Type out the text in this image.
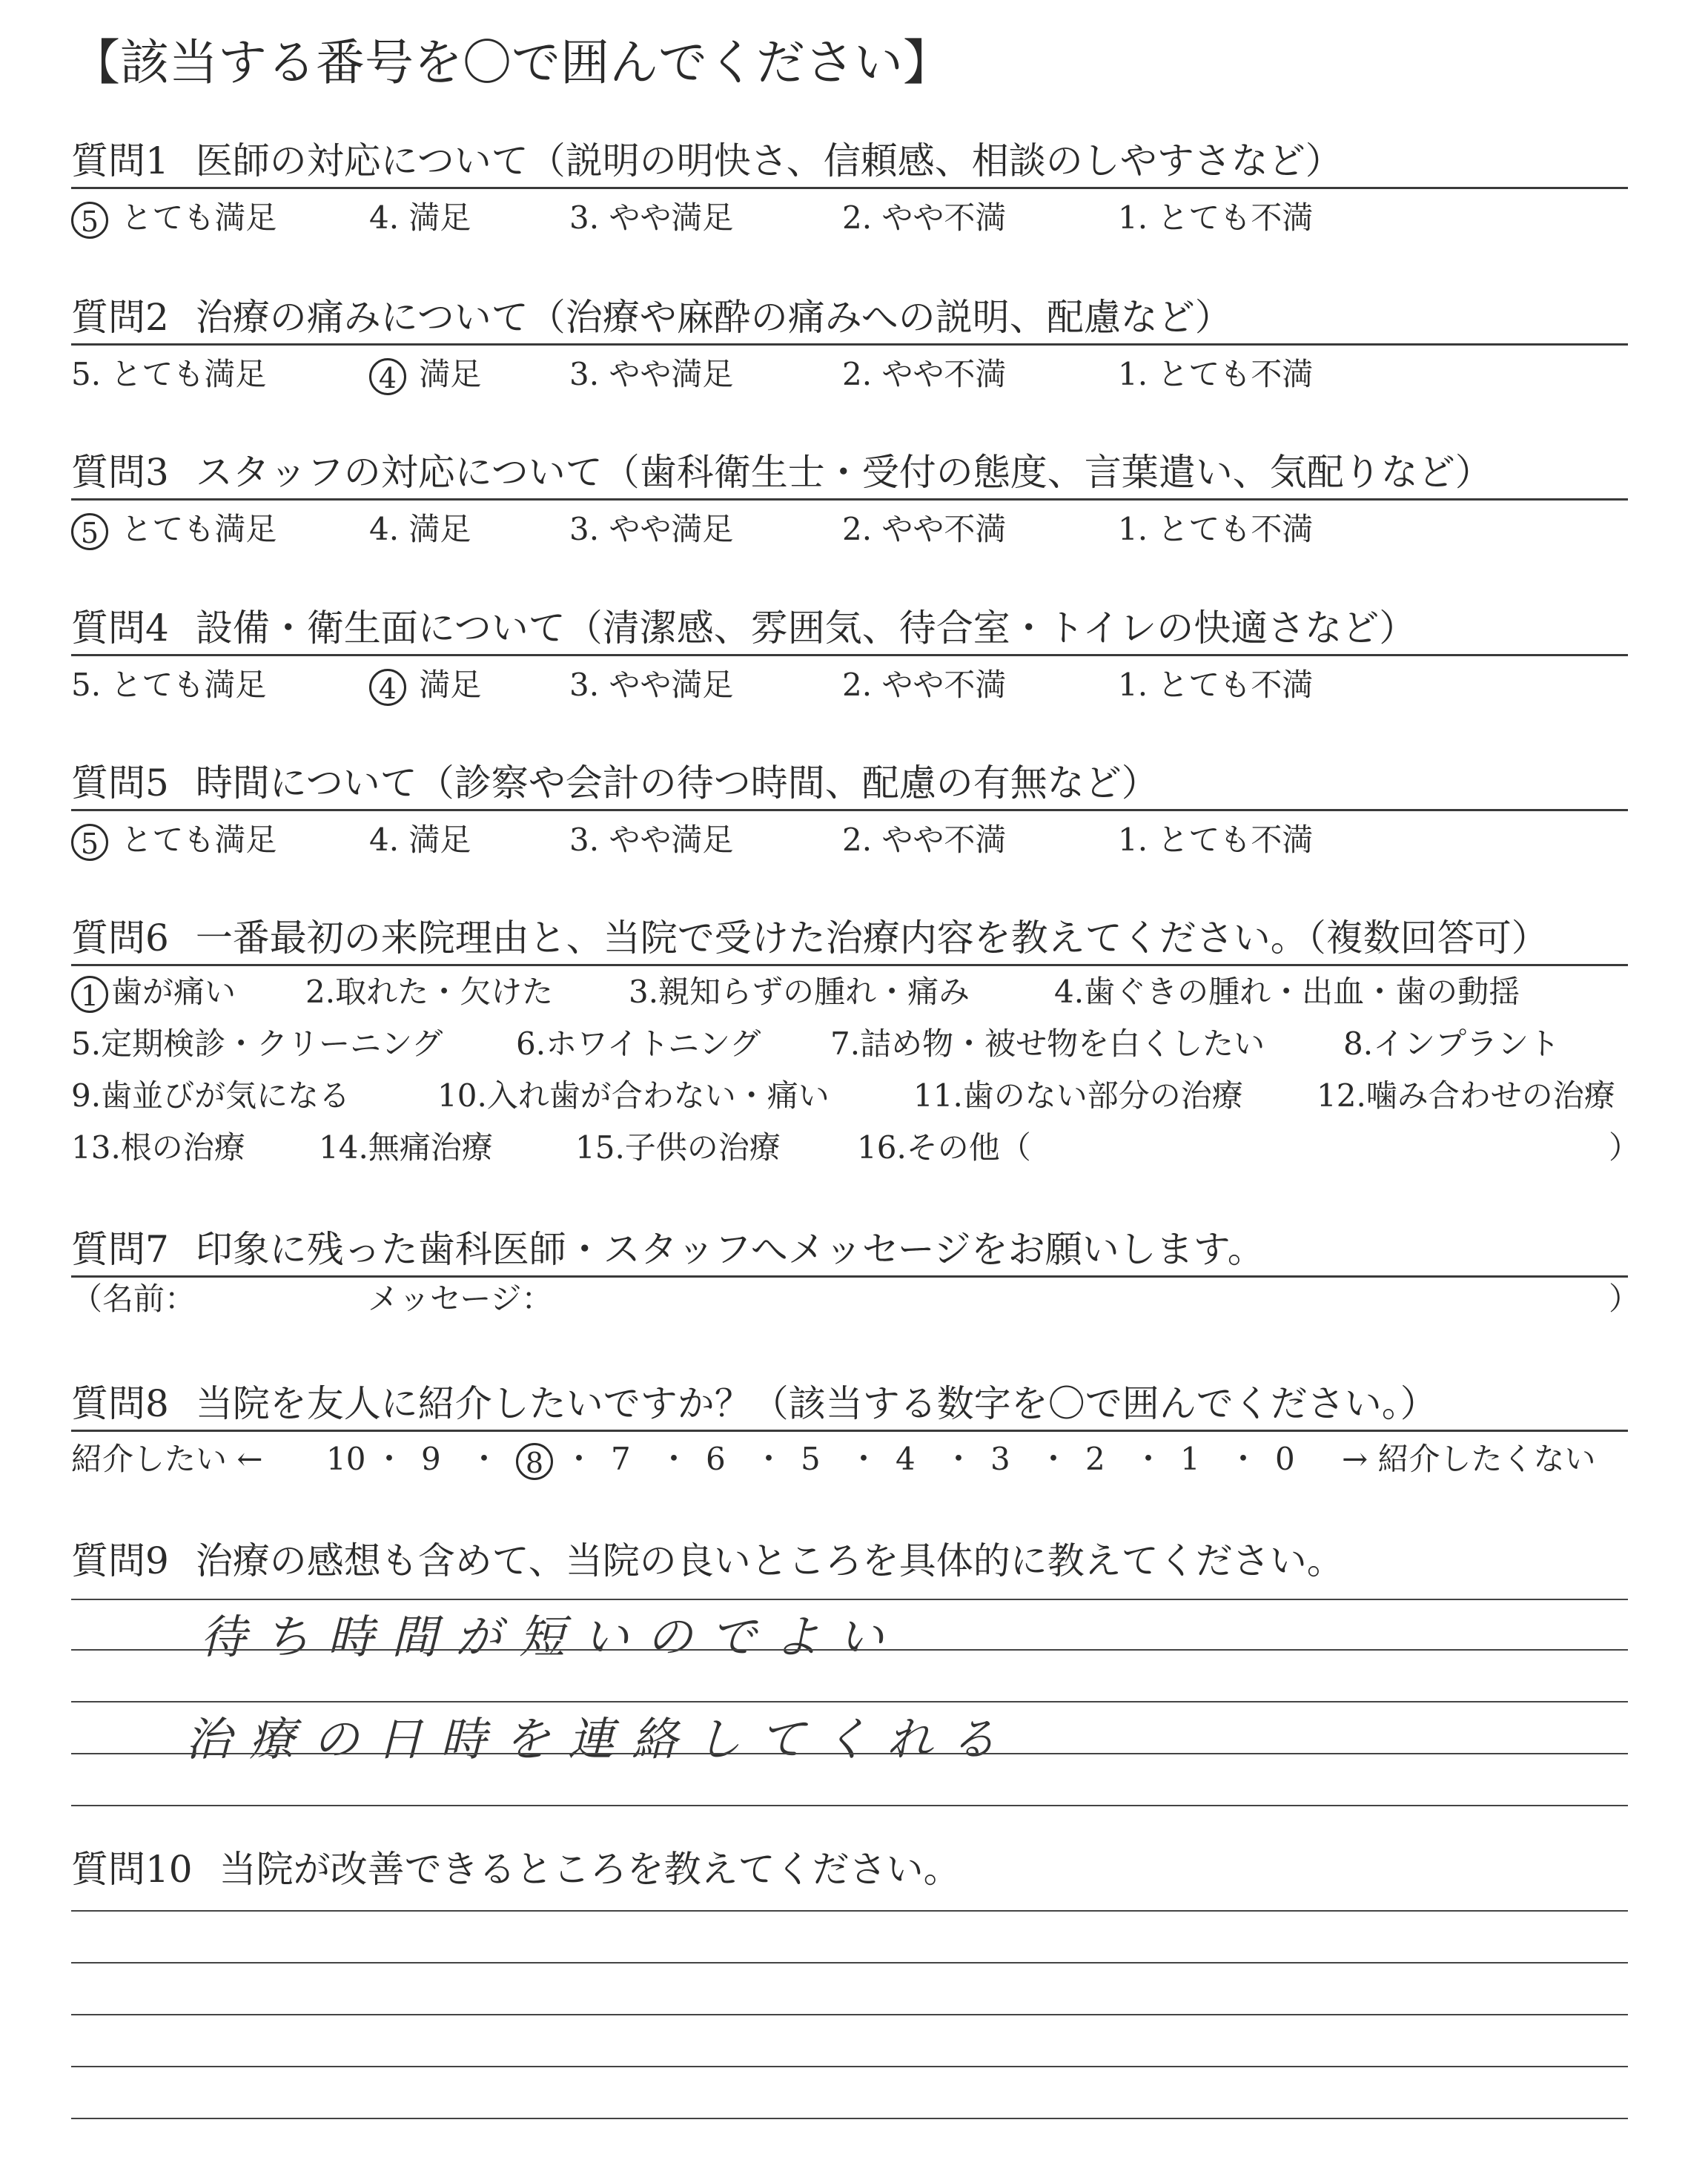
【該当する番号を〇で囲んでください】
質問1 医師の対応について（説明の明快さ、信頼感、相談のしやすさなど）
5 とても満足	4. 満足	3. やや満足	2. やや不満	1. とても不満
質問2 治療の痛みについて（治療や麻酔の痛みへの説明、配慮など）
5. とても満足	4 満足	3. やや満足	2. やや不満	1. とても不満
質問3 スタッフの対応について（歯科衛生士・受付の態度、言葉遣い、気配りなど）
5 とても満足	4. 満足	3. やや満足	2. やや不満	1. とても不満
質問4 設備・衛生面について（清潔感、雰囲気、待合室・トイレの快適さなど）
5. とても満足	4 満足	3. やや満足	2. やや不満	1. とても不満
質問5 時間について（診察や会計の待つ時間、配慮の有無など）
5 とても満足	4. 満足	3. やや満足	2. やや不満	1. とても不満
質問6 一番最初の来院理由と、当院で受けた治療内容を教えてください。（複数回答可）
1 歯が痛い 2.取れた・欠けた 3.親知らずの腫れ・痛み	4.歯ぐきの腫れ・出血・歯の動揺
5.定期検診・クリーニング 6.ホワイトニング 7.詰め物・被せ物を白くしたい	8.インプラント
9.歯並びが気になる	10.入れ歯が合わない・痛い	11.歯のない部分の治療 12.噛み合わせの治療
13.根の治療 14.無痛治療	15.子供の治療 16.その他（	）
質問7 印象に残った歯科医師・スタッフへメッセージをお願いします。
（名前：	メッセージ：	）
質問8 当院を友人に紹介したいですか？（該当する数字を〇で囲んでください。）
紹介したい ← 10 ・ 9 ・ 8 ・ 7 ・ 6 ・ 5 ・ 4 ・ 3 ・ 2 ・ 1 ・ 0 → 紹介したくない
質問9 治療の感想も含めて、当院の良いところを具体的に教えてください。
待ち時間が短いのでよい
治療の日時を連絡してくれる
質問10 当院が改善できるところを教えてください。
